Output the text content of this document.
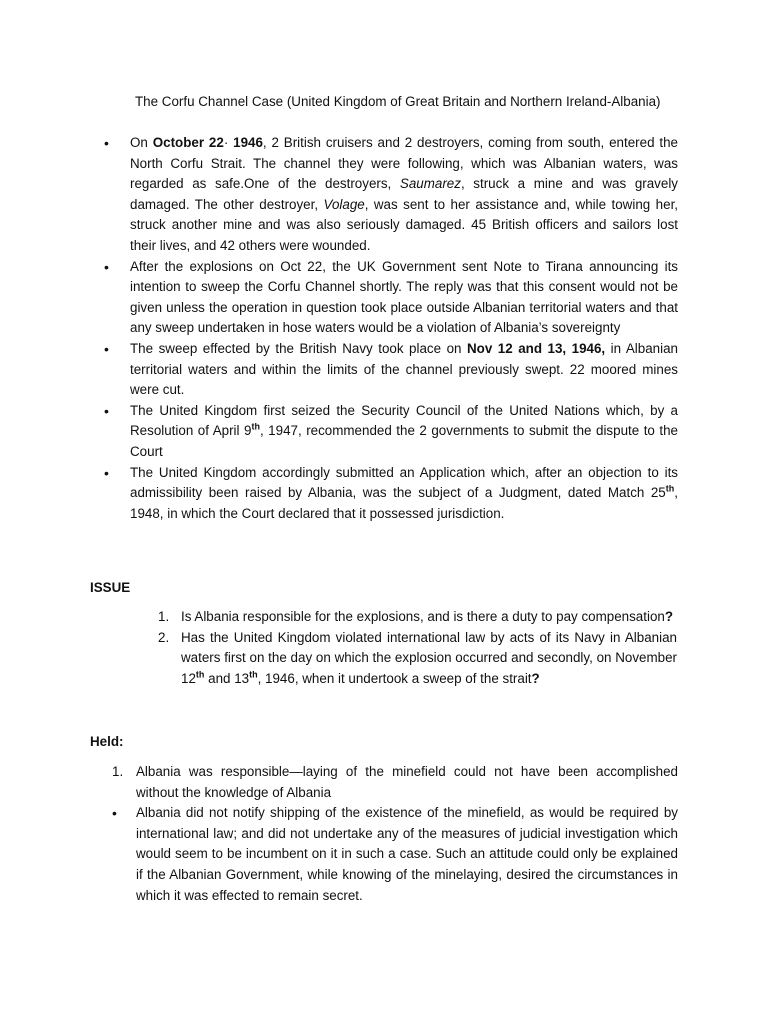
The Corfu Channel Case (United Kingdom of Great Britain and Northern Ireland-Albania)
• On October 22· 1946, 2 British cruisers and 2 destroyers, coming from south, entered the North Corfu Strait. The channel they were following, which was Albanian waters, was regarded as safe.One of the destroyers, Saumarez, struck a mine and was gravely damaged. The other destroyer, Volage, was sent to her assistance and, while towing her, struck another mine and was also seriously damaged. 45 British officers and sailors lost their lives, and 42 others were wounded.
• After the explosions on Oct 22, the UK Government sent Note to Tirana announcing its intention to sweep the Corfu Channel shortly. The reply was that this consent would not be given unless the operation in question took place outside Albanian territorial waters and that any sweep undertaken in hose waters would be a violation of Albania’s sovereignty
• The sweep effected by the British Navy took place on Nov 12 and 13, 1946, in Albanian territorial waters and within the limits of the channel previously swept. 22 moored mines were cut.
• The United Kingdom first seized the Security Council of the United Nations which, by a Resolution of April 9th, 1947, recommended the 2 governments to submit the dispute to the Court
• The United Kingdom accordingly submitted an Application which, after an objection to its admissibility been raised by Albania, was the subject of a Judgment, dated Match 25th, 1948, in which the Court declared that it possessed jurisdiction.
ISSUE
1. Is Albania responsible for the explosions, and is there a duty to pay compensation?
2. Has the United Kingdom violated international law by acts of its Navy in Albanian waters first on the day on which the explosion occurred and secondly, on November 12th and 13th, 1946, when it undertook a sweep of the strait?
Held:
1. Albania was responsible—laying of the minefield could not have been accomplished without the knowledge of Albania
• Albania did not notify shipping of the existence of the minefield, as would be required by international law; and did not undertake any of the measures of judicial investigation which would seem to be incumbent on it in such a case. Such an attitude could only be explained if the Albanian Government, while knowing of the minelaying, desired the circumstances in which it was effected to remain secret.
